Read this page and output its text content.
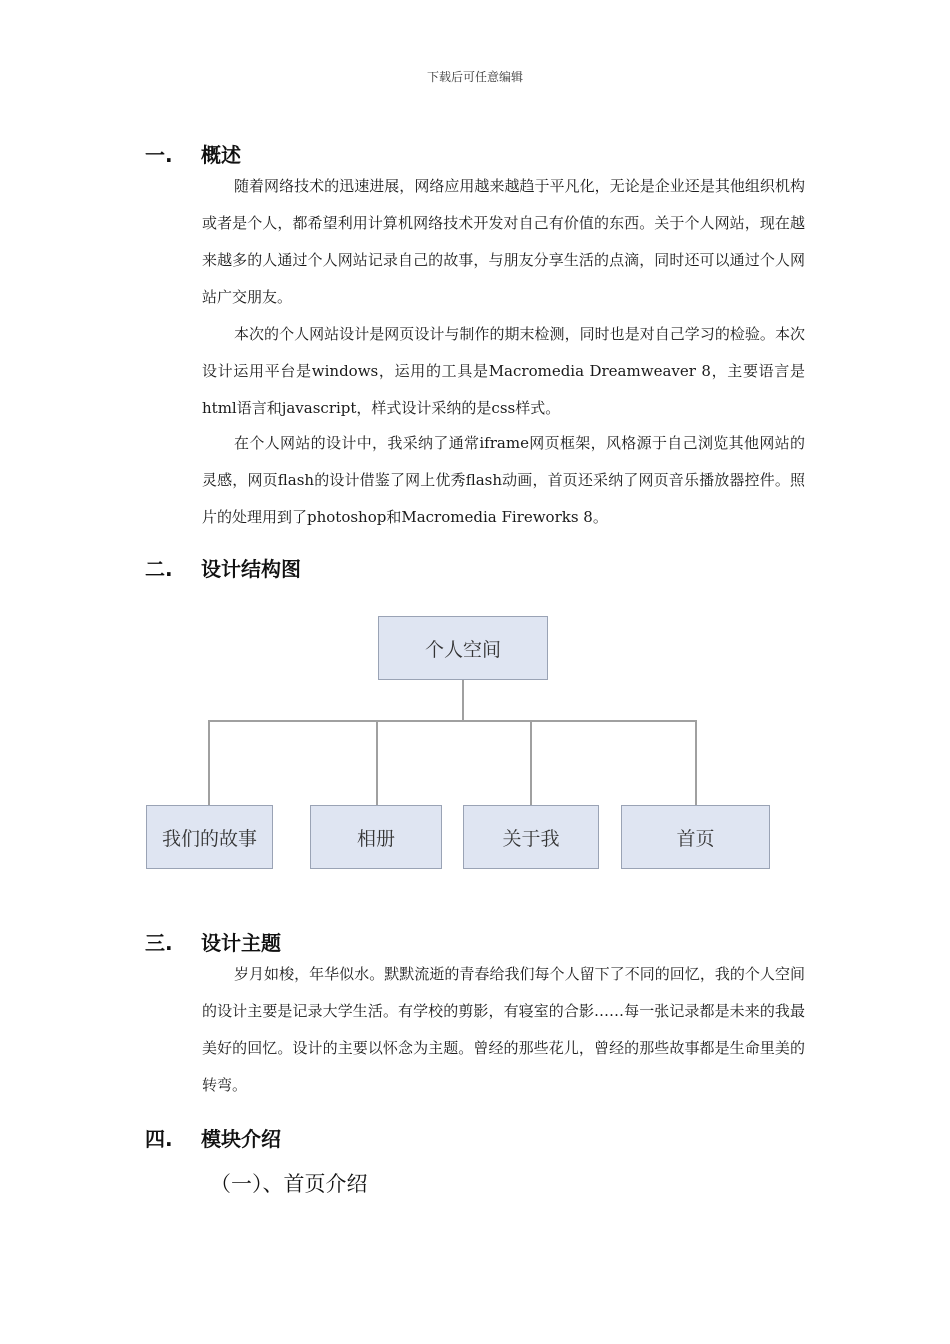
下载后可任意编辑
一. 概述

随着网络技术的迅速进展，网络应用越来越趋于平凡化，无论是企业还是其他组织机构或者是个人，都希望利用计算机网络技术开发对自己有价值的东西。关于个人网站，现在越来越多的人通过个人网站记录自己的故事，与朋友分享生活的点滴，同时还可以通过个人网站广交朋友。

本次的个人网站设计是网页设计与制作的期末检测，同时也是对自己学习的检验。本次设计运用平台是windows，运用的工具是Macromedia Dreamweaver 8，主要语言是html语言和javascript，样式设计采纳的是css样式。

在个人网站的设计中，我采纳了通常iframe网页框架，风格源于自己浏览其他网站的灵感，网页flash的设计借鉴了网上优秀flash动画，首页还采纳了网页音乐播放器控件。照片的处理用到了photoshop和Macromedia Fireworks 8。

二. 设计结构图
个人空间
我们的故事	相册	关于我	首页
三. 设计主题

岁月如梭，年华似水。默默流逝的青春给我们每个人留下了不同的回忆，我的个人空间的设计主要是记录大学生活。有学校的剪影，有寝室的合影……每一张记录都是未来的我最美好的回忆。设计的主要以怀念为主题。曾经的那些花儿，曾经的那些故事都是生命里美的转弯。

四. 模块介绍
（一）、首页介绍
